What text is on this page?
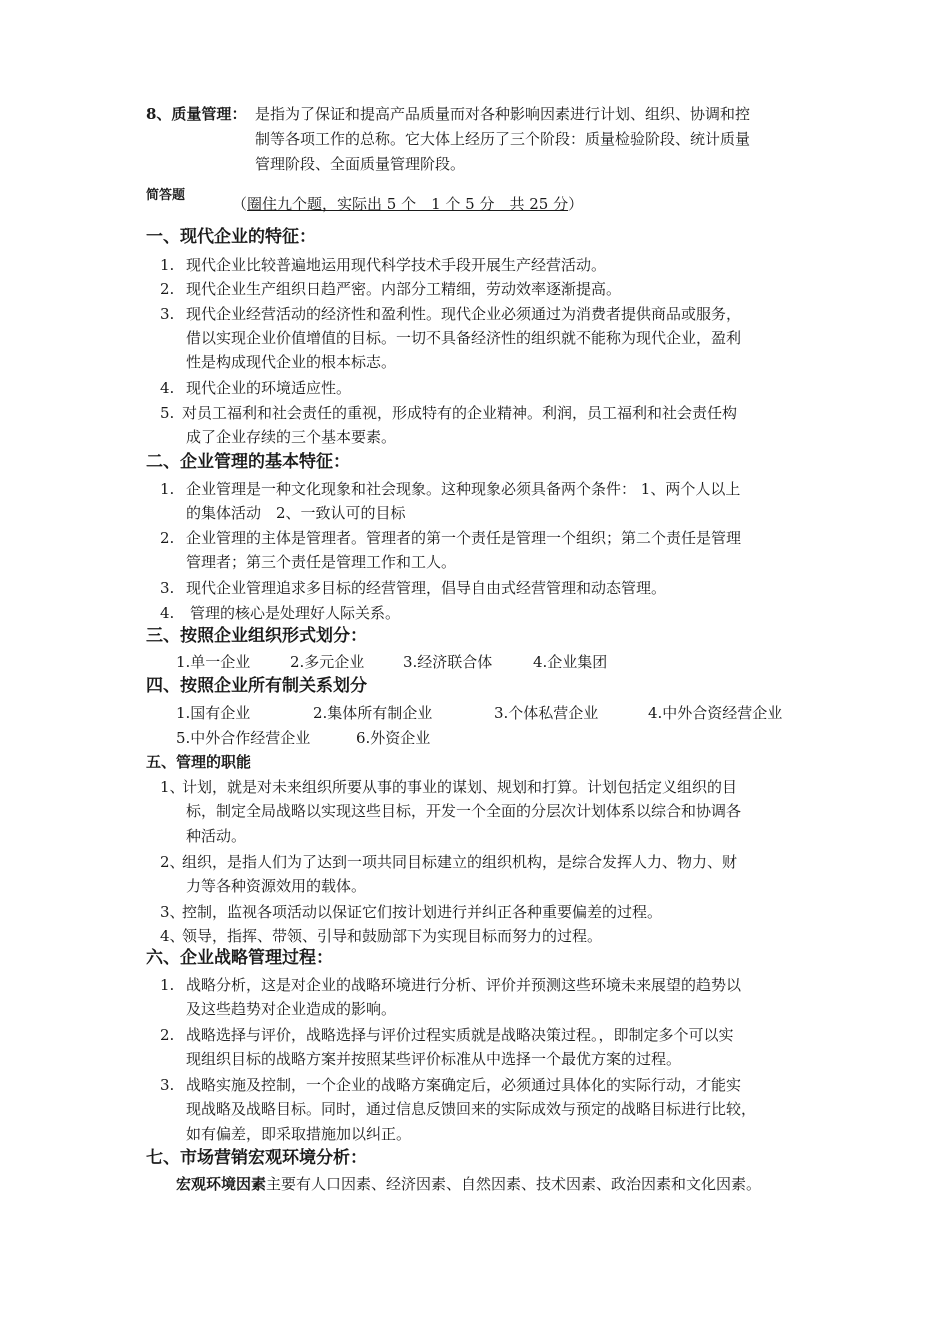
8、质量管理： 是指为了保证和提高产品质量而对各种影响因素进行计划、组织、协调和控
制等各项工作的总称。它大体上经历了三个阶段：质量检验阶段、统计质量
管理阶段、全面质量管理阶段。
简答题	（圈住九个题，实际出 5 个　1 个 5 分　共 25 分）
一、现代企业的特征：
1. 现代企业比较普遍地运用现代科学技术手段开展生产经营活动。
2. 现代企业生产组织日趋严密。内部分工精细，劳动效率逐渐提高。
3. 现代企业经营活动的经济性和盈利性。现代企业必须通过为消费者提供商品或服务，
借以实现企业价值增值的目标。一切不具备经济性的组织就不能称为现代企业，盈利
性是构成现代企业的根本标志。
4. 现代企业的环境适应性。
5. 对员工福利和社会责任的重视，形成特有的企业精神。利润，员工福利和社会责任构
成了企业存续的三个基本要素。
二、企业管理的基本特征：
1. 企业管理是一种文化现象和社会现象。这种现象必须具备两个条件： 1、两个人以上
的集体活动　2、一致认可的目标
2. 企业管理的主体是管理者。管理者的第一个责任是管理一个组织；第二个责任是管理
管理者；第三个责任是管理工作和工人。
3. 现代企业管理追求多目标的经营管理，倡导自由式经营管理和动态管理。
4. 管理的核心是处理好人际关系。
三、按照企业组织形式划分：
1.单一企业	2.多元企业	3.经济联合体	4.企业集团
四、按照企业所有制关系划分
1.国有企业	2.集体所有制企业	3.个体私营企业	4.中外合资经营企业
5.中外合作经营企业	6.外资企业
五、管理的职能
1、计划，就是对未来组织所要从事的事业的谋划、规划和打算。计划包括定义组织的目
标，制定全局战略以实现这些目标，开发一个全面的分层次计划体系以综合和协调各
种活动。
2、组织，是指人们为了达到一项共同目标建立的组织机构，是综合发挥人力、物力、财
力等各种资源效用的载体。
3、控制，监视各项活动以保证它们按计划进行并纠正各种重要偏差的过程。
4、领导，指挥、带领、引导和鼓励部下为实现目标而努力的过程。
六、企业战略管理过程：
1. 战略分析，这是对企业的战略环境进行分析、评价并预测这些环境未来展望的趋势以
及这些趋势对企业造成的影响。
2. 战略选择与评价，战略选择与评价过程实质就是战略决策过程。，即制定多个可以实
现组织目标的战略方案并按照某些评价标准从中选择一个最优方案的过程。
3. 战略实施及控制，一个企业的战略方案确定后，必须通过具体化的实际行动，才能实
现战略及战略目标。同时，通过信息反馈回来的实际成效与预定的战略目标进行比较，
如有偏差，即采取措施加以纠正。
七、市场营销宏观环境分析：
宏观环境因素主要有人口因素、经济因素、自然因素、技术因素、政治因素和文化因素。
